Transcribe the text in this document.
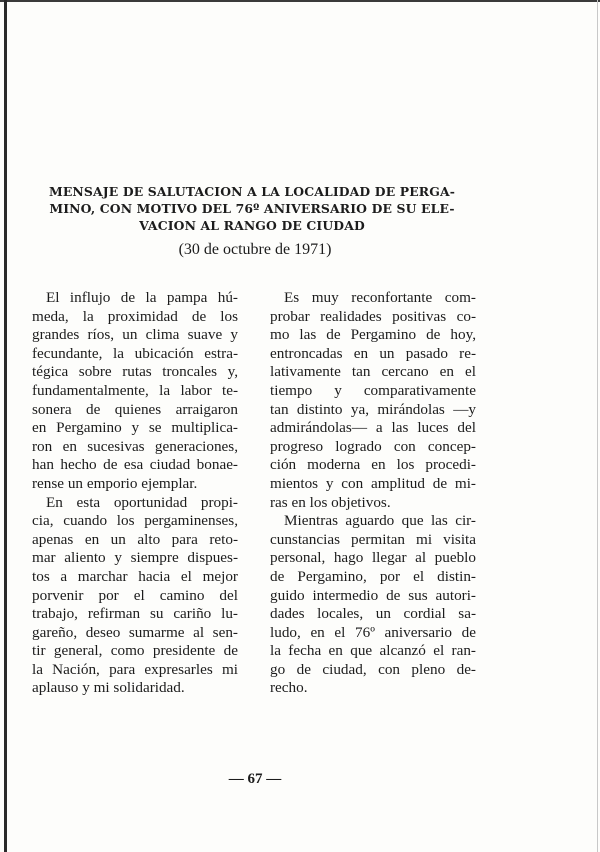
MENSAJE DE SALUTACION A LA LOCALIDAD DE PERGA-
MINO, CON MOTIVO DEL 76º ANIVERSARIO DE SU ELE-
VACION AL RANGO DE CIUDAD

(30 de octubre de 1971)

El influjo de la pampa hú-
meda, la proximidad de los
grandes ríos, un clima suave y
fecundante, la ubicación estra-
tégica sobre rutas troncales y,
fundamentalmente, la labor te-
sonera de quienes arraigaron
en Pergamino y se multiplica-
ron en sucesivas generaciones,
han hecho de esa ciudad bonae-
rense un emporio ejemplar.
En esta oportunidad propi-
cia, cuando los pergaminenses,
apenas en un alto para reto-
mar aliento y siempre dispues-
tos a marchar hacia el mejor
porvenir por el camino del
trabajo, refirman su cariño lu-
gareño, deseo sumarme al sen-
tir general, como presidente de
la Nación, para expresarles mi
aplauso y mi solidaridad.
Es muy reconfortante com-
probar realidades positivas co-
mo las de Pergamino de hoy,
entroncadas en un pasado re-
lativamente tan cercano en el
tiempo y comparativamente
tan distinto ya, mirándolas —y
admirándolas— a las luces del
progreso logrado con concep-
ción moderna en los procedi-
mientos y con amplitud de mi-
ras en los objetivos.
Mientras aguardo que las cir-
cunstancias permitan mi visita
personal, hago llegar al pueblo
de Pergamino, por el distin-
guido intermedio de sus autori-
dades locales, un cordial sa-
ludo, en el 76º aniversario de
la fecha en que alcanzó el ran-
go de ciudad, con pleno de-
recho.

— 67 —
